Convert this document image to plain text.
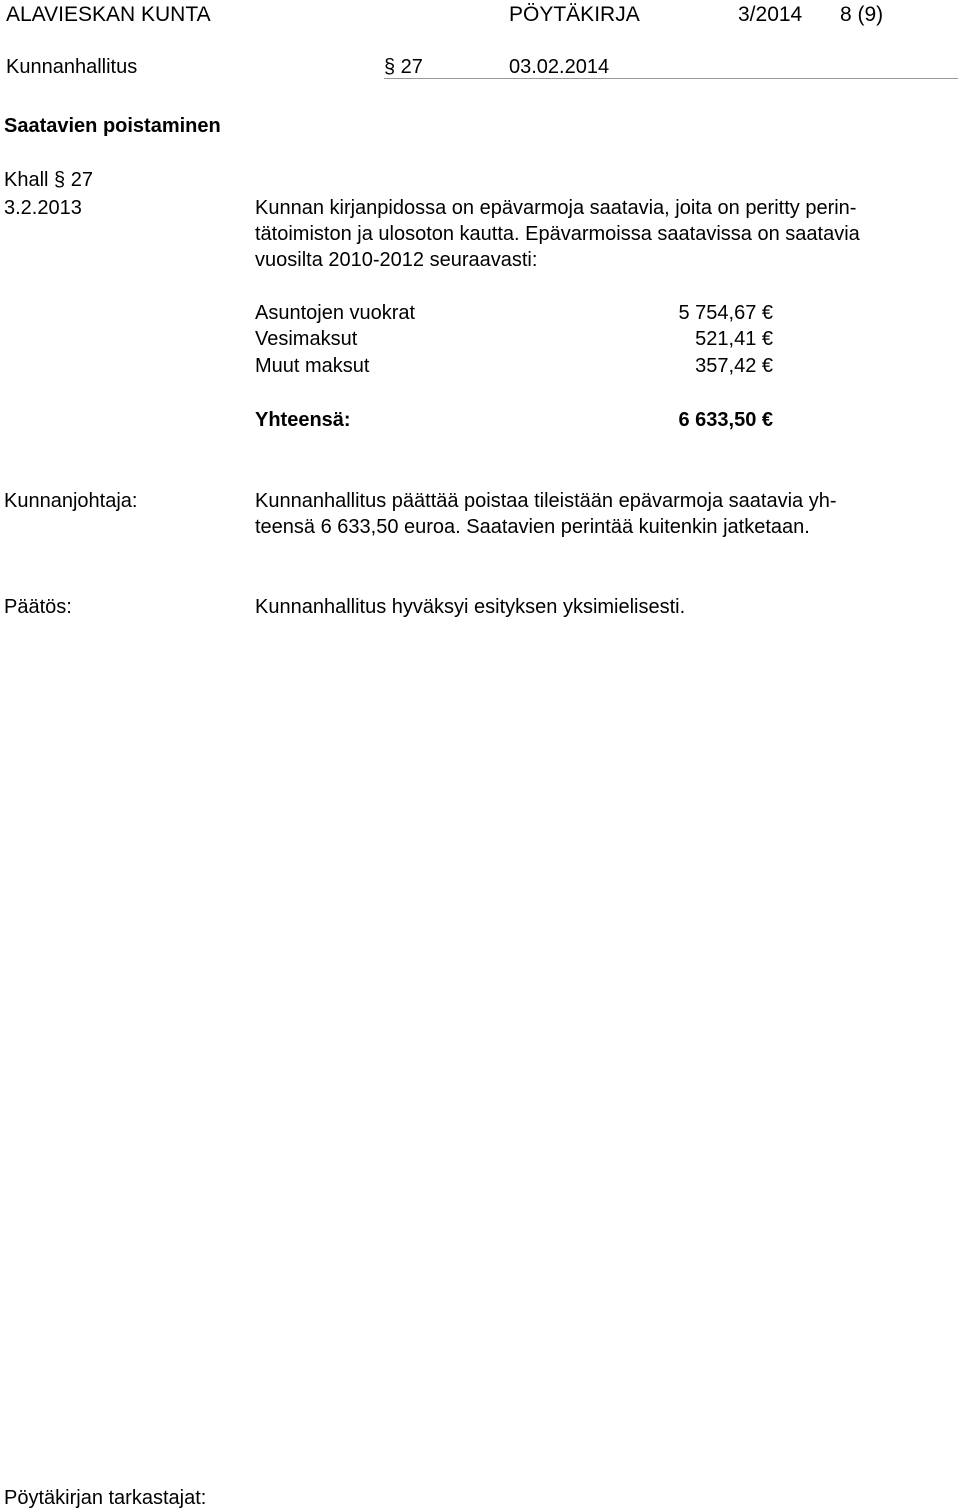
ALAVIESKAN KUNTA	PÖYTÄKIRJA	3/2014 8 (9)
Kunnanhallitus	§ 27	03.02.2014
Saatavien poistaminen
Khall § 27
3.2.2013	Kunnan kirjanpidossa on epävarmoja saatavia, joita on peritty perin-
tätoimiston ja ulosoton kautta. Epävarmoissa saatavissa on saatavia
vuosilta 2010-2012 seuraavasti:
Asuntojen vuokrat	5 754,67 €
Vesimaksut	521,41 €
Muut maksut	357,42 €
Yhteensä:	6 633,50 €
Kunnanjohtaja:	Kunnanhallitus päättää poistaa tileistään epävarmoja saatavia yh-
teensä 6 633,50 euroa. Saatavien perintää kuitenkin jatketaan.
Päätös:	Kunnanhallitus hyväksyi esityksen yksimielisesti.
Pöytäkirjan tarkastajat:
